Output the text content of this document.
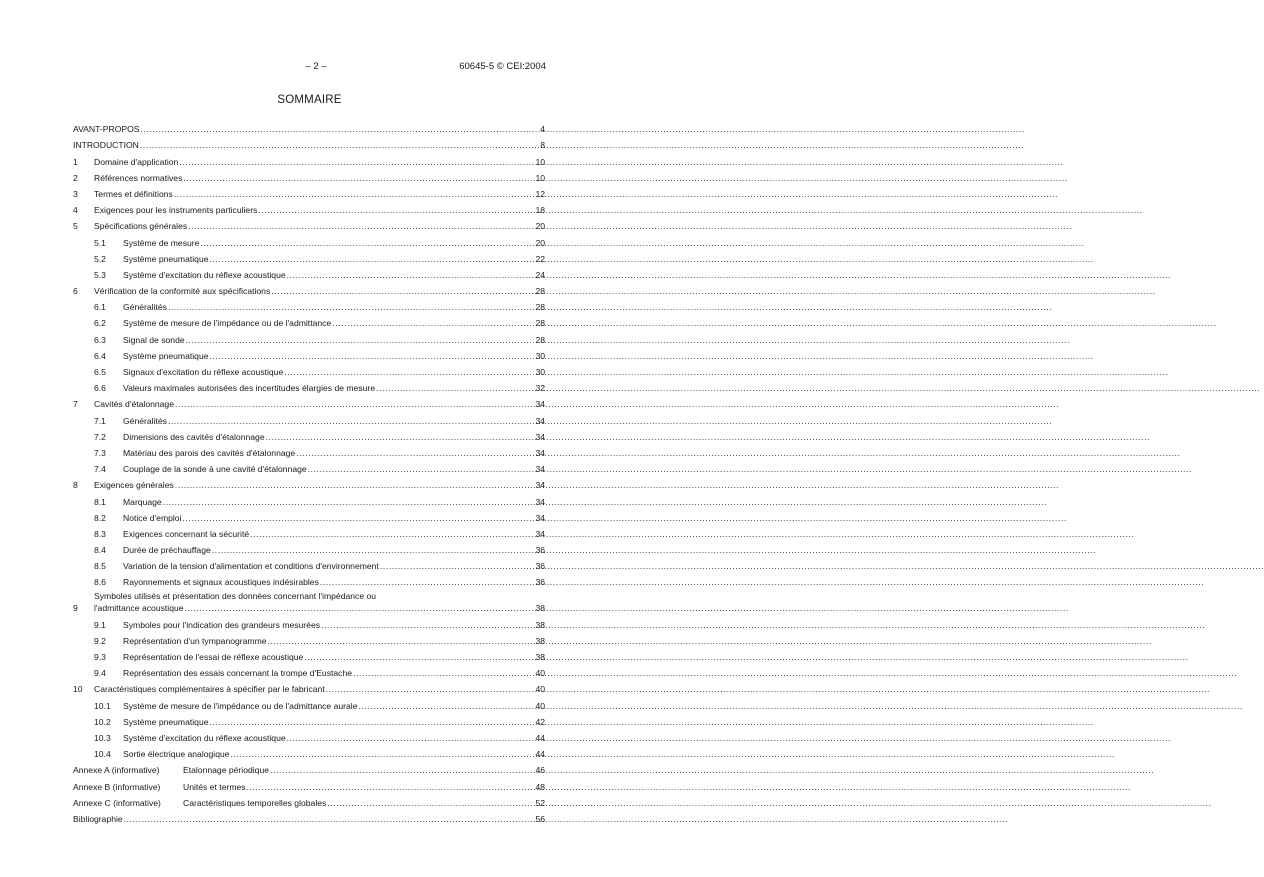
– 2 –	60645-5 © CEI:2004
SOMMAIRE
AVANT-PROPOS .....	4
INTRODUCTION .....	8
1	Domaine d'application .....	10
2	Références normatives .....	10
3	Termes et définitions .....	12
4	Exigences pour les instruments particuliers .....	18
5	Spécifications générales .....	20
5.1	Système de mesure .....	20
5.2	Système pneumatique .....	22
5.3	Système d'excitation du réflexe acoustique .....	24
6	Vérification de la conformité aux spécifications .....	28
6.1	Généralités .....	28
6.2	Système de mesure de l'impédance ou de l'admittance .....	28
6.3	Signal de sonde .....	28
6.4	Système pneumatique .....	30
6.5	Signaux d'excitation du réflexe acoustique .....	30
6.6	Valeurs maximales autorisées des incertitudes élargies de mesure .....	32
7	Cavités d'étalonnage .....	34
7.1	Généralités .....	34
7.2	Dimensions des cavités d'étalonnage .....	34
7.3	Matériau des parois des cavités d'étalonnage .....	34
7.4	Couplage de la sonde à une cavité d'étalonnage .....	34
8	Exigences générales .....	34
8.1	Marquage .....	34
8.2	Notice d'emploi .....	34
8.3	Exigences concernant la sécurité .....	34
8.4	Durée de préchauffage .....	36
8.5	Variation de la tension d'alimentation et conditions d'environnement .....	36
8.6	Rayonnements et signaux acoustiques indésirables .....	36
9
Symboles utilisés et présentation des données concernant l'impédance ou
l'admittance acoustique .....	38
9.1	Symboles pour l'indication des grandeurs mesurées .....	38
9.2	Représentation d'un tympanogramme .....	38
9.3	Représentation de l'essai de réflexe acoustique .....	38
9.4	Représentation des essais concernant la trompe d'Eustache .....	40
10	Caractéristiques complémentaires à spécifier par le fabricant .....	40
10.1	Système de mesure de l'impédance ou de l'admittance aurale .....	40
10.2	Système pneumatique .....	42
10.3	Système d'excitation du réflexe acoustique .....	44
10.4	Sortie électrique analogique .....	44
Annexe A (informative)	Etalonnage périodique .....	46
Annexe B (informative)	Unités et termes .....	48
Annexe C (informative)	Caractéristiques temporelles globales .....	52
Bibliographie .....	56
